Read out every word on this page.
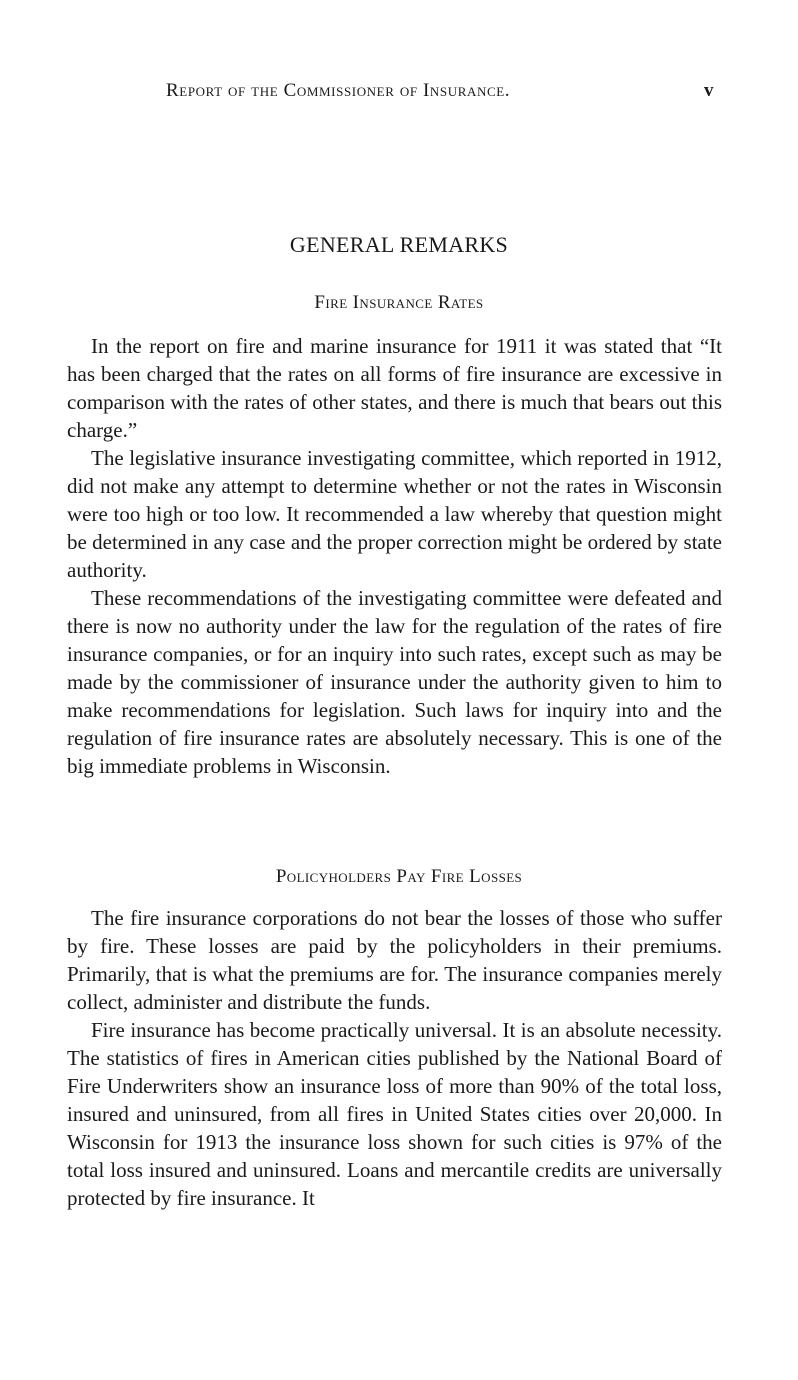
Report of the Commissioner of Insurance.	v
GENERAL REMARKS
Fire Insurance Rates

In the report on fire and marine insurance for 1911 it was stated that “It has been charged that the rates on all forms of fire insurance are excessive in comparison with the rates of other states, and there is much that bears out this charge.”

The legislative insurance investigating committee, which reported in 1912, did not make any attempt to determine whether or not the rates in Wisconsin were too high or too low. It recommended a law whereby that question might be determined in any case and the proper correction might be ordered by state authority.

These recommendations of the investigating committee were defeated and there is now no authority under the law for the regulation of the rates of fire insurance companies, or for an inquiry into such rates, except such as may be made by the commissioner of insurance under the authority given to him to make recommendations for legislation. Such laws for inquiry into and the regulation of fire insurance rates are absolutely necessary. This is one of the big immediate problems in Wisconsin.

Policyholders Pay Fire Losses

The fire insurance corporations do not bear the losses of those who suffer by fire. These losses are paid by the policyholders in their premiums. Primarily, that is what the premiums are for. The insurance companies merely collect, administer and distribute the funds.

Fire insurance has become practically universal. It is an absolute necessity. The statistics of fires in American cities published by the National Board of Fire Underwriters show an insurance loss of more than 90% of the total loss, insured and uninsured, from all fires in United States cities over 20,000. In Wisconsin for 1913 the insurance loss shown for such cities is 97% of the total loss insured and uninsured. Loans and mercantile credits are universally protected by fire insurance. It
